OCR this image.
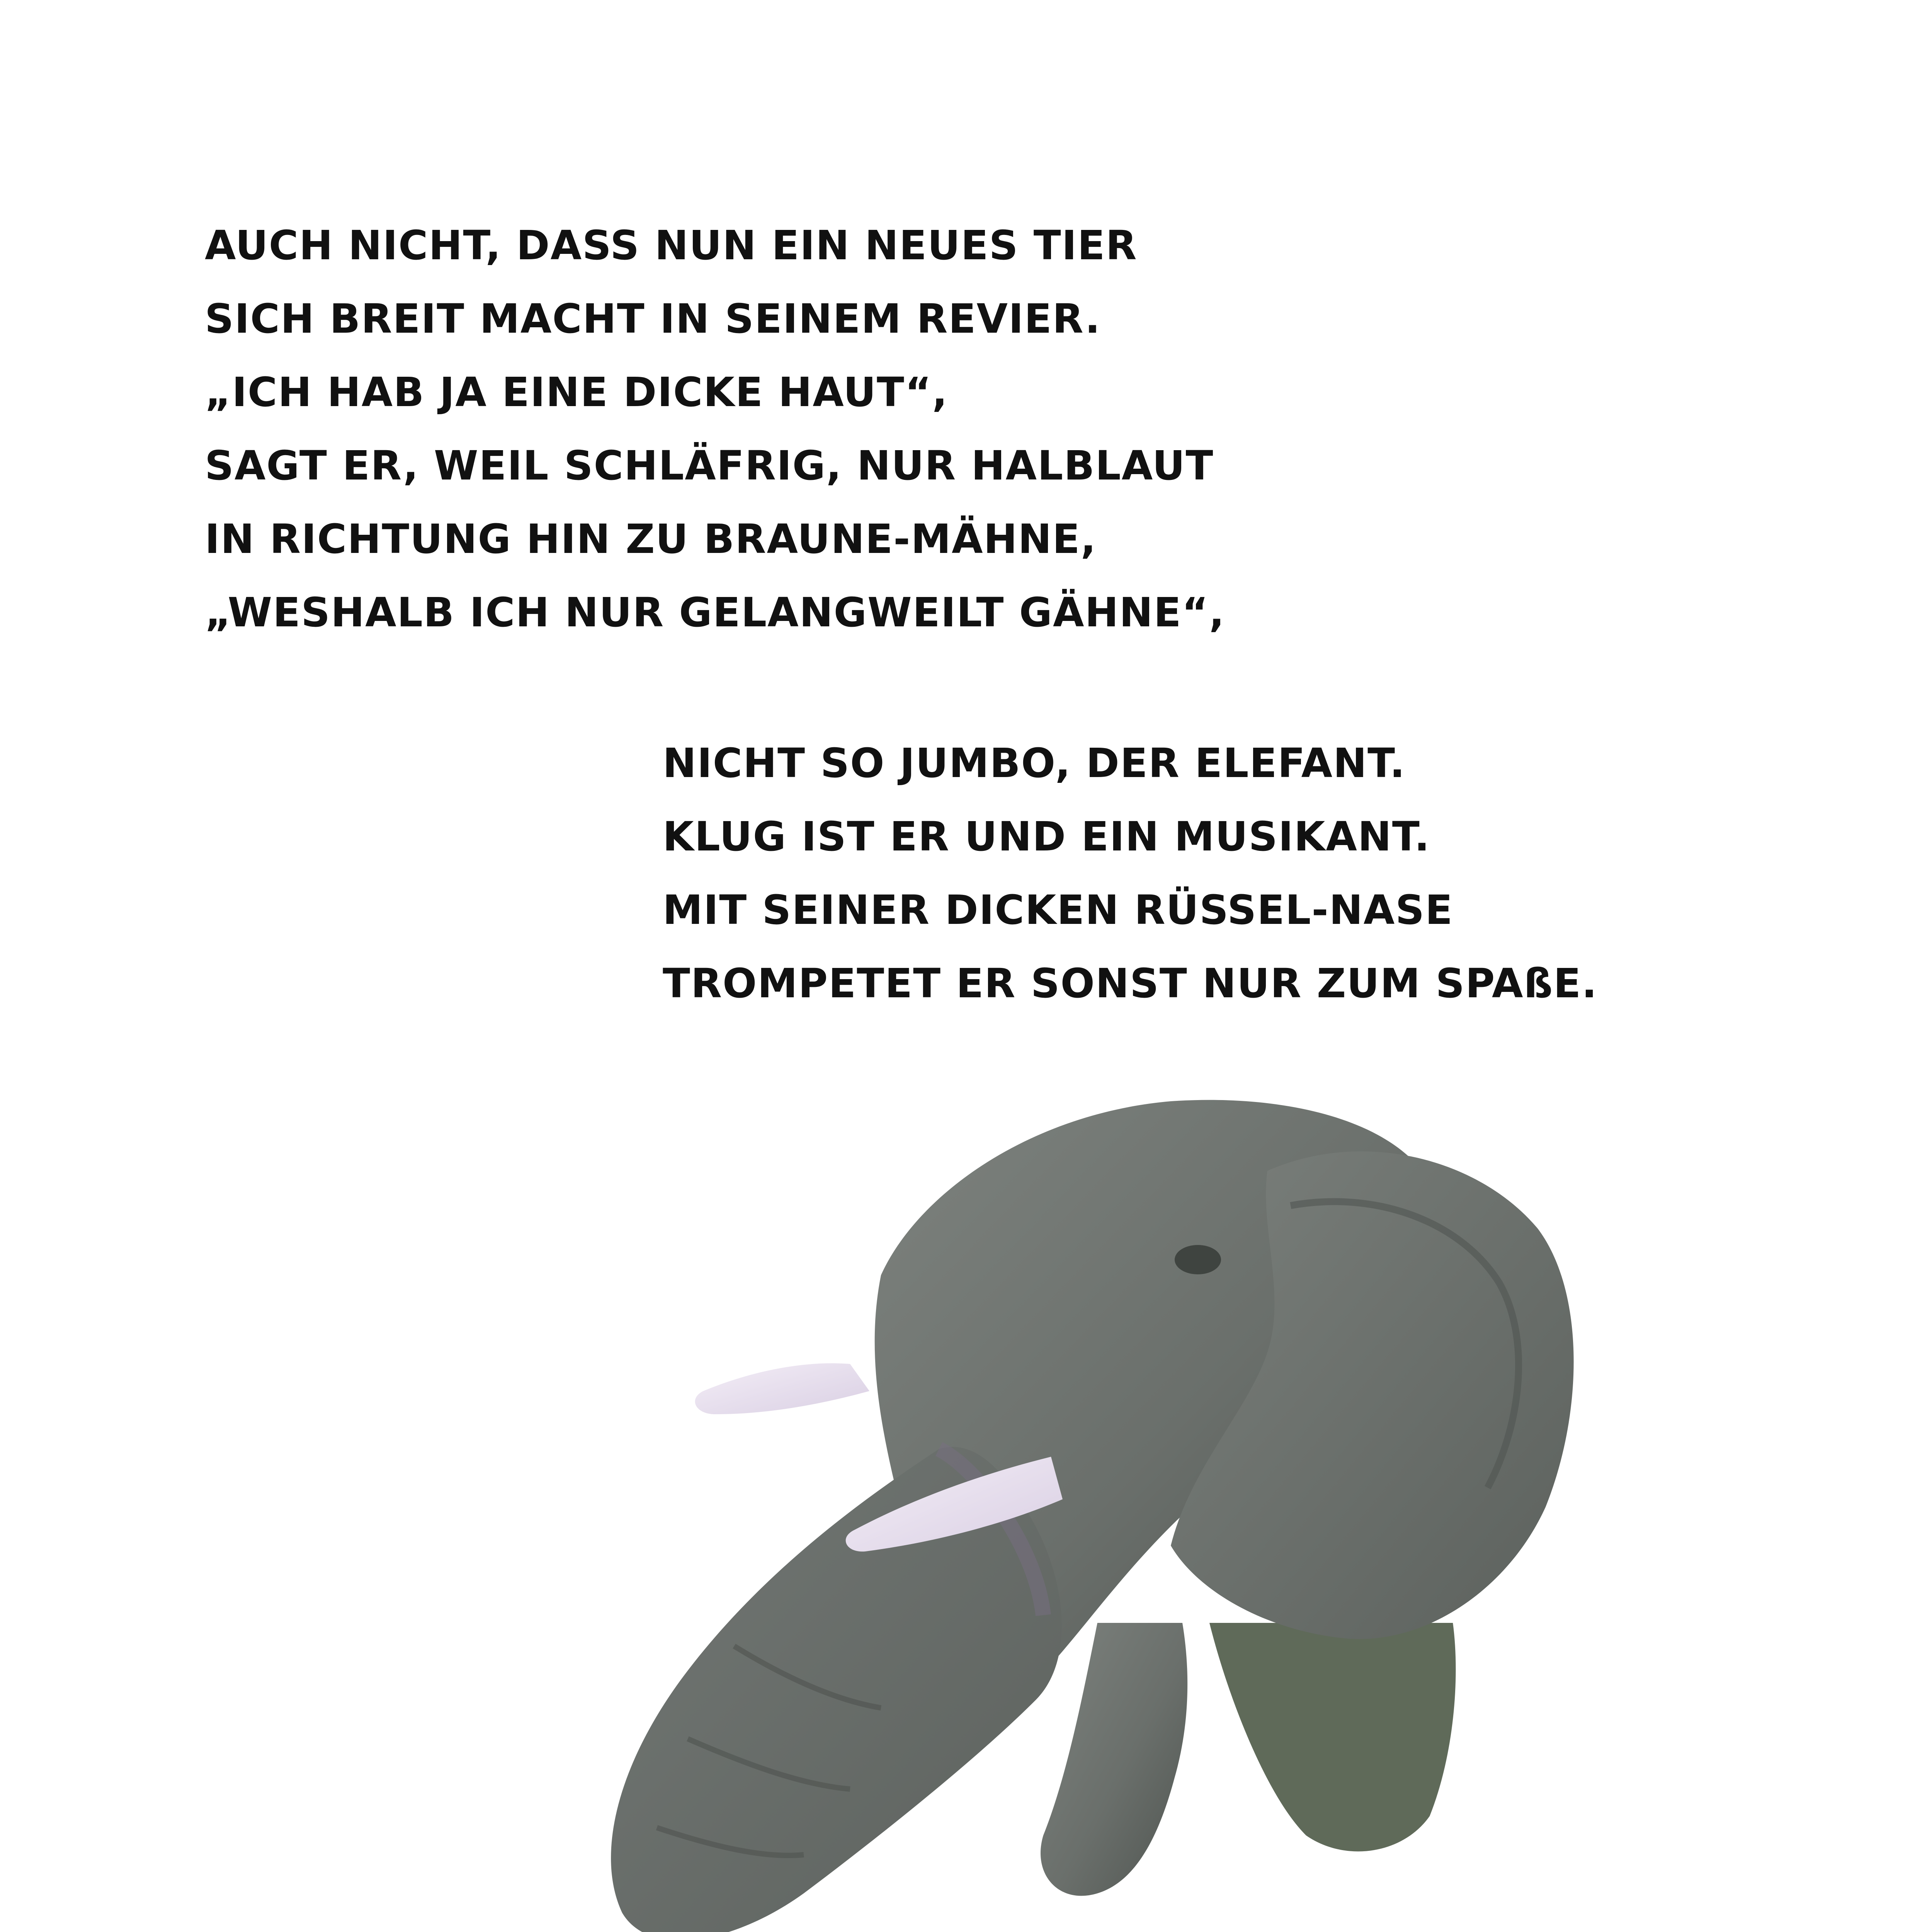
AUCH NICHT, DASS NUN EIN NEUES TIER
SICH BREIT MACHT IN SEINEM REVIER.
„ICH HAB JA EINE DICKE HAUT“,
SAGT ER, WEIL SCHLÄFRIG, NUR HALBLAUT
IN RICHTUNG HIN ZU BRAUNE-MÄHNE,
„WESHALB ICH NUR GELANGWEILT GÄHNE“,
NICHT SO JUMBO, DER ELEFANT.
KLUG IST ER UND EIN MUSIKANT.
MIT SEINER DICKEN RÜSSEL-NASE
TROMPETET ER SONST NUR ZUM SPAßE.
